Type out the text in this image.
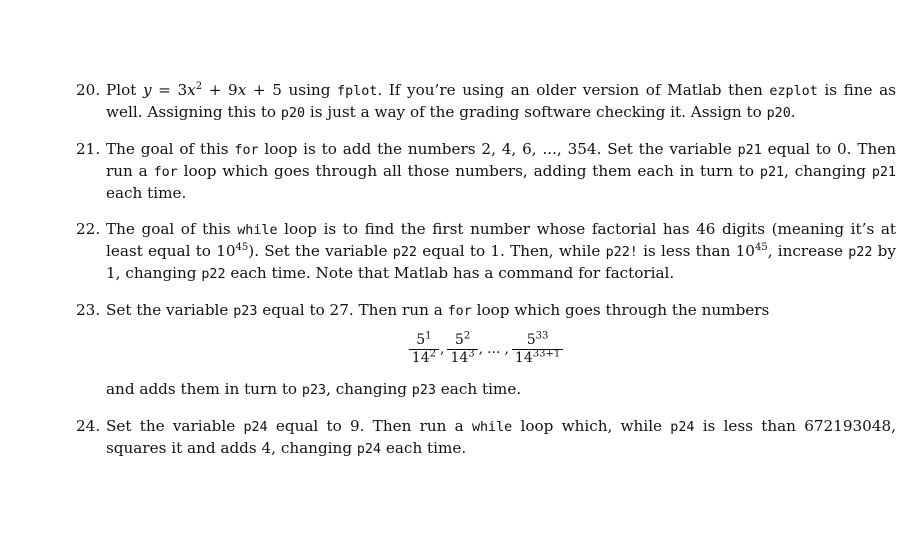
20. Plot $y = 3x^2 + 9x + 5$ using fplot. If you’re using an older version of Matlab then ezplot is fine as well. Assigning this to p20 is just a way of the grading software checking it. Assign to p20.
21. The goal of this for loop is to add the numbers 2, 4, 6, ..., 354. Set the variable p21 equal to 0. Then run a for loop which goes through all those numbers, adding them each in turn to p21, changing p21 each time.
22. The goal of this while loop is to find the first number whose factorial has 46 digits (meaning it’s at least equal to $10^{45}$). Set the variable p22 equal to 1. Then, while p22! is less than $10^{45}$, increase p22 by 1, changing p22 each time. Note that Matlab has a command for factorial.
23. Set the variable p23 equal to 27. Then run a for loop which goes through the numbers
$\frac{5^1}{14^2}$ , $\frac{5^2}{14^3}$ , ... , $\frac{5^{33}}{14^{33+1}}$
and adds them in turn to p23, changing p23 each time.
24. Set the variable p24 equal to 9. Then run a while loop which, while p24 is less than 672193048, squares it and adds 4, changing p24 each time.
